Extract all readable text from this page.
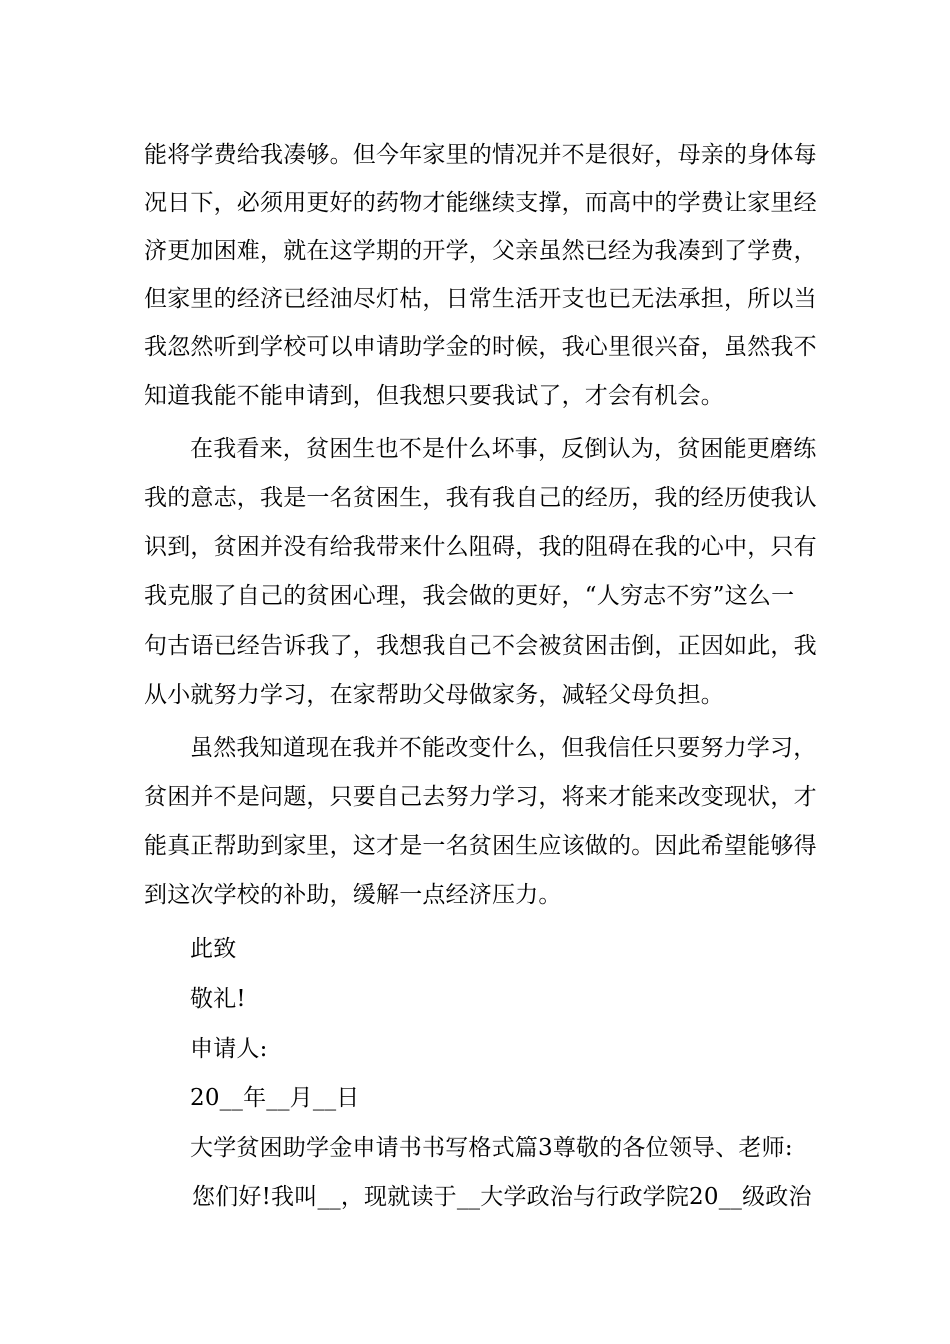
能将学费给我凑够。但今年家里的情况并不是很好，母亲的身体每
况日下，必须用更好的药物才能继续支撑，而高中的学费让家里经
济更加困难，就在这学期的开学，父亲虽然已经为我凑到了学费，
但家里的经济已经油尽灯枯，日常生活开支也已无法承担，所以当
我忽然听到学校可以申请助学金的时候，我心里很兴奋，虽然我不
知道我能不能申请到，但我想只要我试了，才会有机会。
在我看来，贫困生也不是什么坏事，反倒认为，贫困能更磨练
我的意志，我是一名贫困生，我有我自己的经历，我的经历使我认
识到，贫困并没有给我带来什么阻碍，我的阻碍在我的心中，只有
我克服了自己的贫困心理，我会做的更好，“人穷志不穷”这么一
句古语已经告诉我了，我想我自己不会被贫困击倒，正因如此，我
从小就努力学习，在家帮助父母做家务，减轻父母负担。
虽然我知道现在我并不能改变什么，但我信任只要努力学习，
贫困并不是问题，只要自己去努力学习，将来才能来改变现状，才
能真正帮助到家里，这才是一名贫困生应该做的。因此希望能够得
到这次学校的补助，缓解一点经济压力。
此致
敬礼!
申请人:
20__年__月__日
大学贫困助学金申请书书写格式篇3尊敬的各位领导、老师:
您们好!我叫__，现就读于__大学政治与行政学院20__级政治
